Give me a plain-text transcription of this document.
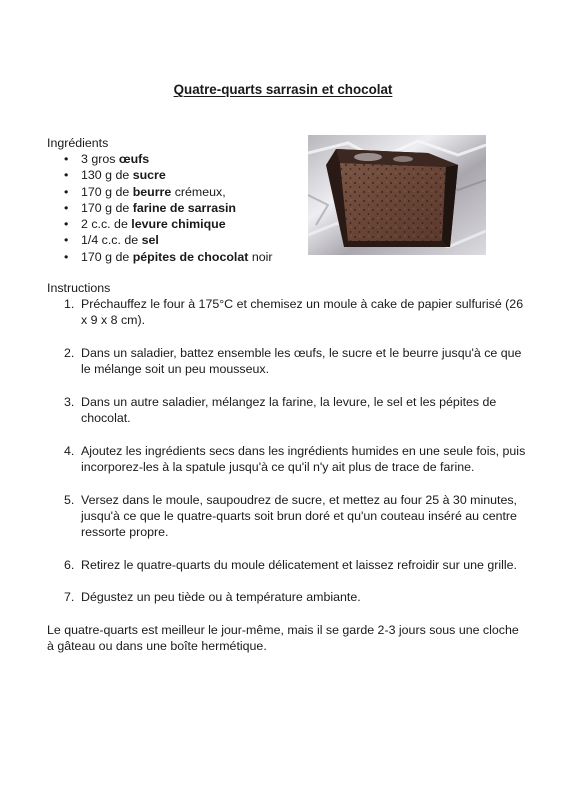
Quatre-quarts sarrasin et chocolat
Ingrédients
• 3 gros œufs
• 130 g de sucre
• 170 g de beurre crémeux,
• 170 g de farine de sarrasin
• 2 c.c. de levure chimique
• 1/4 c.c. de sel
• 170 g de pépites de chocolat noir
Instructions
1. Préchauffez le four à 175°C et chemisez un moule à cake de papier sulfurisé (26 x 9 x 8 cm).
2. Dans un saladier, battez ensemble les œufs, le sucre et le beurre jusqu'à ce que le mélange soit un peu mousseux.
3. Dans un autre saladier, mélangez la farine, la levure, le sel et les pépites de chocolat.
4. Ajoutez les ingrédients secs dans les ingrédients humides en une seule fois, puis incorporez-les à la spatule jusqu'à ce qu'il n'y ait plus de trace de farine.
5. Versez dans le moule, saupoudrez de sucre, et mettez au four 25 à 30 minutes, jusqu'à ce que le quatre-quarts soit brun doré et qu'un couteau inséré au centre ressorte propre.
6. Retirez le quatre-quarts du moule délicatement et laissez refroidir sur une grille.
7. Dégustez un peu tiède ou à température ambiante.
Le quatre-quarts est meilleur le jour-même, mais il se garde 2-3 jours sous une cloche à gâteau ou dans une boîte hermétique.
